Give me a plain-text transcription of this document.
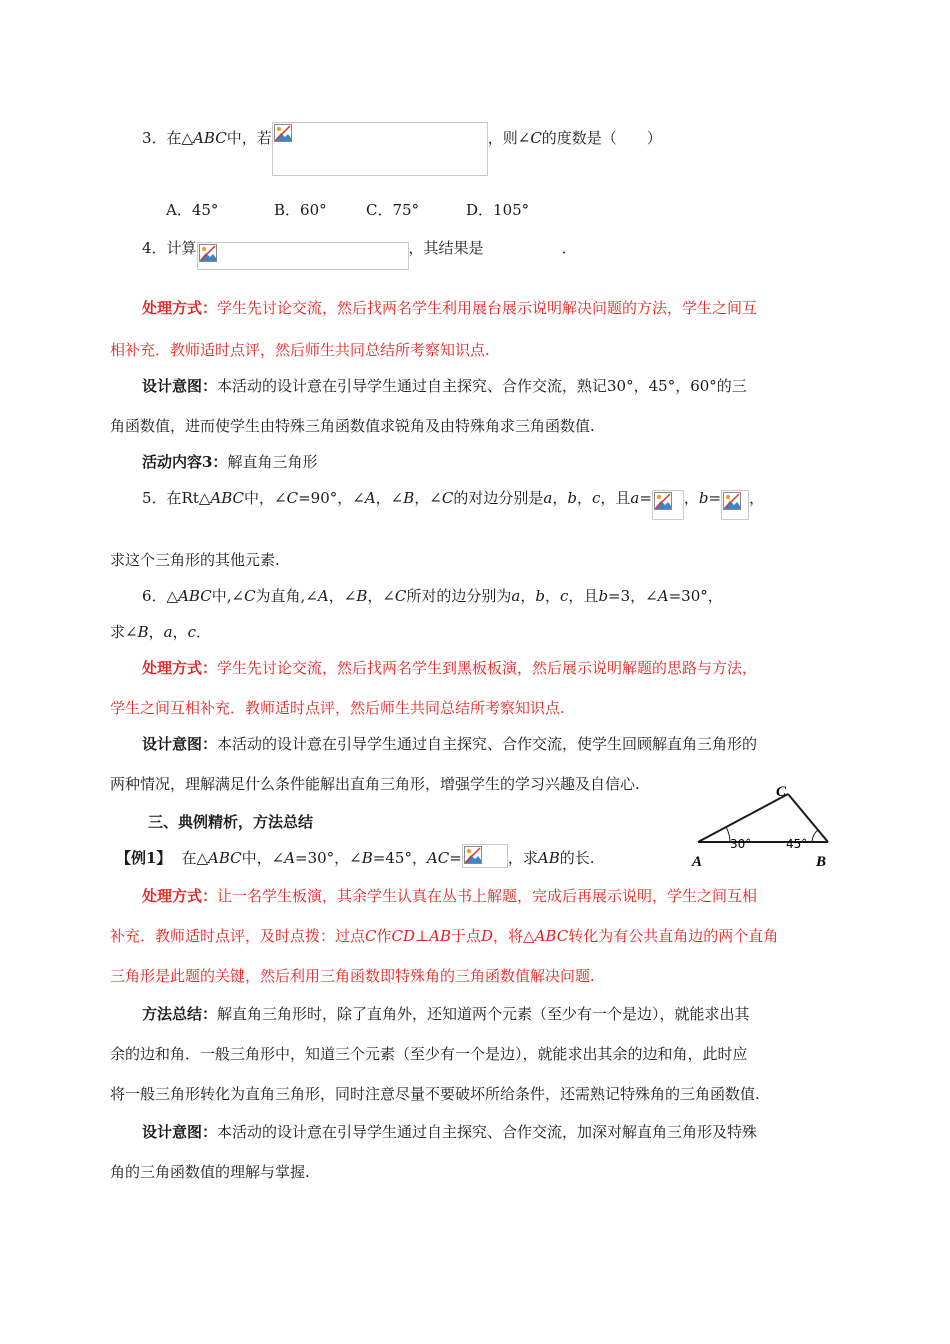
3．在△ABC中，若	，则∠C的度数是（　　）
A．45°	B．60°	C．75°	D．105°
4．计算	，其结果是	．
处理方式：学生先讨论交流，然后找两名学生利用展台展示说明解决问题的方法，学生之间互
相补充．教师适时点评，然后师生共同总结所考察知识点.
设计意图：本活动的设计意在引导学生通过自主探究、合作交流，熟记30°，45°，60°的三
角函数值，进而使学生由特殊三角函数值求锐角及由特殊角求三角函数值.
活动内容3：解直角三角形
5．在Rt△ABC中，∠C=90°，∠A，∠B，∠C的对边分别是a，b，c，且a= ，b= ，
求这个三角形的其他元素.
6．△ABC中,∠C为直角,∠A，∠B，∠C所对的边分别为a，b，c，且b=3，∠A=30°，
求∠B，a，c．
处理方式：学生先讨论交流，然后找两名学生到黑板板演，然后展示说明解题的思路与方法，
学生之间互相补充．教师适时点评，然后师生共同总结所考察知识点.
设计意图：本活动的设计意在引导学生通过自主探究、合作交流，使学生回顾解直角三角形的
两种情况，理解满足什么条件能解出直角三角形，增强学生的学习兴趣及自信心.
三、典例精析，方法总结
【例1】 在△ABC中，∠A=30°，∠B=45°，AC=	，求AB的长.
C
A	B
30°	45°
处理方式：让一名学生板演，其余学生认真在丛书上解题，完成后再展示说明，学生之间互相
补充．教师适时点评，及时点拨：过点C作CD⊥AB于点D，将△ABC转化为有公共直角边的两个直角
三角形是此题的关键，然后利用三角函数即特殊角的三角函数值解决问题.
方法总结：解直角三角形时，除了直角外，还知道两个元素（至少有一个是边），就能求出其
余的边和角．一般三角形中，知道三个元素（至少有一个是边），就能求出其余的边和角，此时应
将一般三角形转化为直角三角形，同时注意尽量不要破坏所给条件，还需熟记特殊角的三角函数值.
设计意图：本活动的设计意在引导学生通过自主探究、合作交流，加深对解直角三角形及特殊
角的三角函数值的理解与掌握.
